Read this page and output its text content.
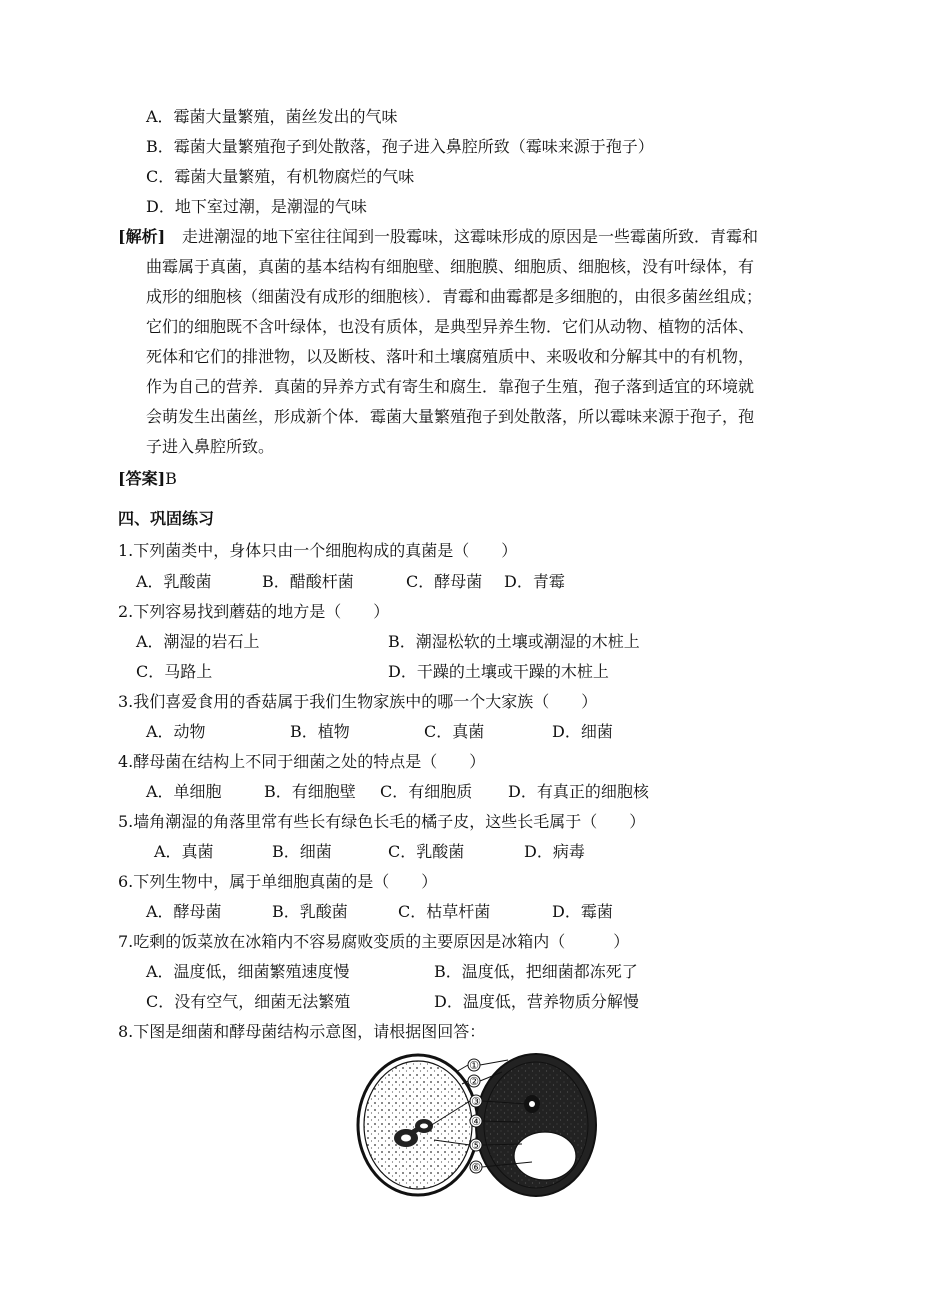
A．霉菌大量繁殖，菌丝发出的气味
B．霉菌大量繁殖孢子到处散落，孢子进入鼻腔所致（霉味来源于孢子）
C．霉菌大量繁殖，有机物腐烂的气味
D．地下室过潮，是潮湿的气味
[解析] 走进潮湿的地下室往往闻到一股霉味，这霉味形成的原因是一些霉菌所致．青霉和
曲霉属于真菌，真菌的基本结构有细胞壁、细胞膜、细胞质、细胞核，没有叶绿体，有
成形的细胞核（细菌没有成形的细胞核）．青霉和曲霉都是多细胞的，由很多菌丝组成；
它们的细胞既不含叶绿体，也没有质体，是典型异养生物．它们从动物、植物的活体、
死体和它们的排泄物，以及断枝、落叶和土壤腐殖质中、来吸收和分解其中的有机物，
作为自己的营养．真菌的异养方式有寄生和腐生．靠孢子生殖，孢子落到适宜的环境就
会萌发生出菌丝，形成新个体．霉菌大量繁殖孢子到处散落，所以霉味来源于孢子，孢
子进入鼻腔所致。
[答案]B
四、巩固练习
1.下列菌类中，身体只由一个细胞构成的真菌是（　　）
A．乳酸菌	B．醋酸杆菌	C．酵母菌 D．青霉
2.下列容易找到蘑菇的地方是（　　）
A．潮湿的岩石上	B．潮湿松软的土壤或潮湿的木桩上
C．马路上	D．干躁的土壤或干躁的木桩上
3.我们喜爱食用的香菇属于我们生物家族中的哪一个大家族（　　）
A．动物	B．植物	C．真菌	D．细菌
4.酵母菌在结构上不同于细菌之处的特点是（　　）
A．单细胞	B．有细胞壁 C．有细胞质 D．有真正的细胞核
5.墙角潮湿的角落里常有些长有绿色长毛的橘子皮，这些长毛属于（　　）
A．真菌	B．细菌	C．乳酸菌	D．病毒
6.下列生物中，属于单细胞真菌的是（　　）
A．酵母菌	B．乳酸菌	C．枯草杆菌	D．霉菌
7.吃剩的饭菜放在冰箱内不容易腐败变质的主要原因是冰箱内（　　　）
A．温度低，细菌繁殖速度慢	B．温度低，把细菌都冻死了
C．没有空气，细菌无法繁殖	D．温度低，营养物质分解慢
8.下图是细菌和酵母菌结构示意图，请根据图回答：
①
②
③
④
⑤
⑥
